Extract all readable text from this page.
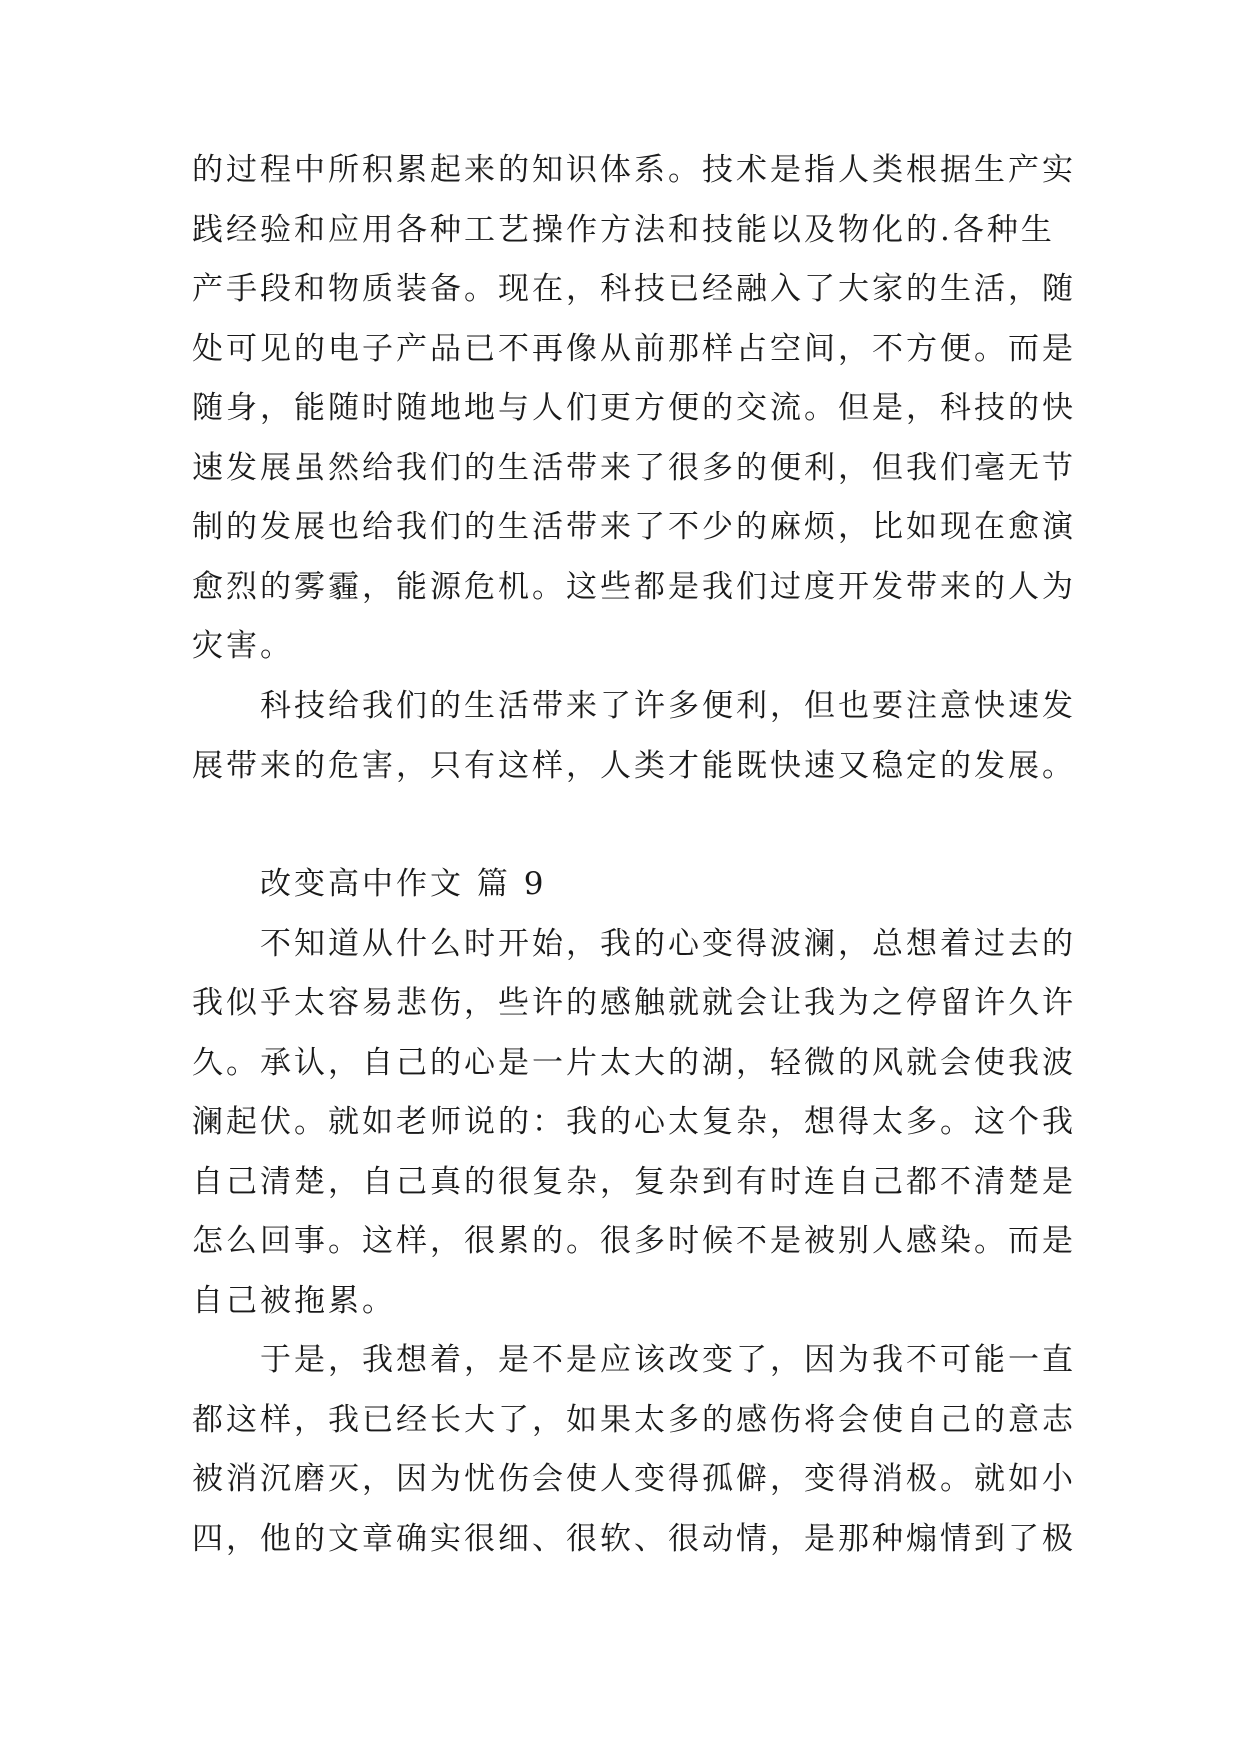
的过程中所积累起来的知识体系。技术是指人类根据生产实
践经验和应用各种工艺操作方法和技能以及物化的.各种生
产手段和物质装备。现在，科技已经融入了大家的生活，随
处可见的电子产品已不再像从前那样占空间，不方便。而是
随身，能随时随地地与人们更方便的交流。但是，科技的快
速发展虽然给我们的生活带来了很多的便利，但我们毫无节
制的发展也给我们的生活带来了不少的麻烦，比如现在愈演
愈烈的雾霾，能源危机。这些都是我们过度开发带来的人为
灾害。
　　科技给我们的生活带来了许多便利，但也要注意快速发
展带来的危害，只有这样，人类才能既快速又稳定的发展。
　　改变高中作文 篇 9
　　不知道从什么时开始，我的心变得波澜，总想着过去的
我似乎太容易悲伤，些许的感触就就会让我为之停留许久许
久。承认，自己的心是一片太大的湖，轻微的风就会使我波
澜起伏。就如老师说的：我的心太复杂，想得太多。这个我
自己清楚，自己真的很复杂，复杂到有时连自己都不清楚是
怎么回事。这样，很累的。很多时候不是被别人感染。而是
自己被拖累。
　　于是，我想着，是不是应该改变了，因为我不可能一直
都这样，我已经长大了，如果太多的感伤将会使自己的意志
被消沉磨灭，因为忧伤会使人变得孤僻，变得消极。就如小
四，他的文章确实很细、很软、很动情，是那种煽情到了极
